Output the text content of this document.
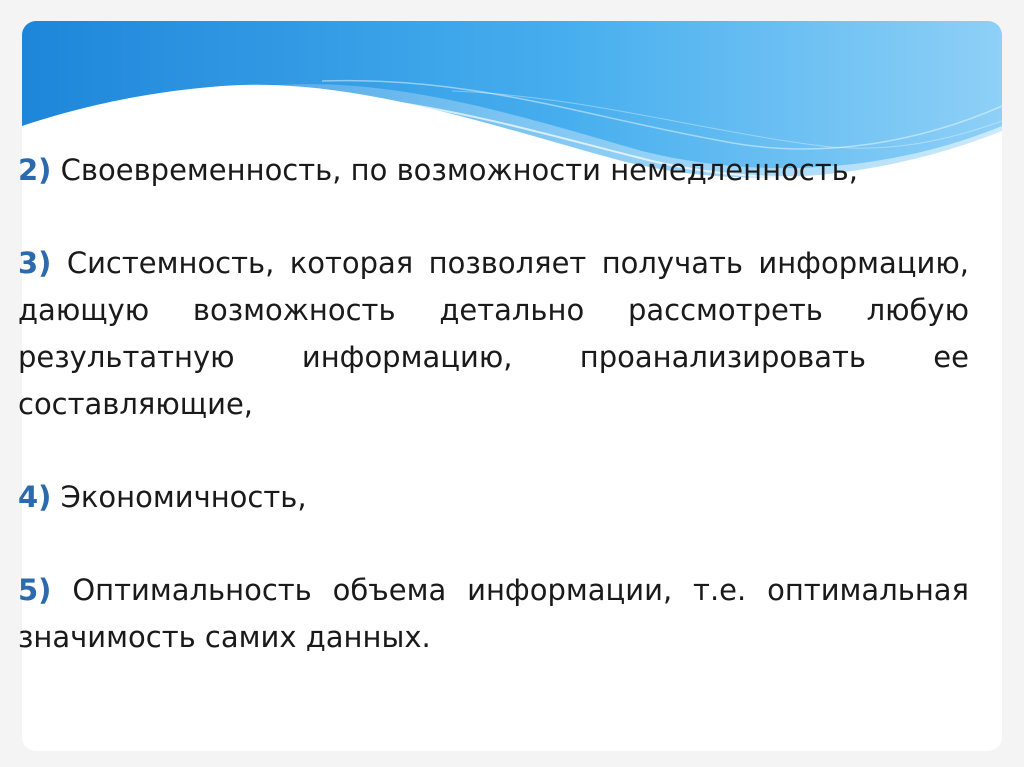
2) Своевременность, по возможности немедленность,

3) Системность, которая позволяет получать информацию, дающую возможность детально рассмотреть любую результатную информацию, проанализировать ее составляющие,

4) Экономичность,

5) Оптимальность объема информации, т.е. оптимальная значимость самих данных.
